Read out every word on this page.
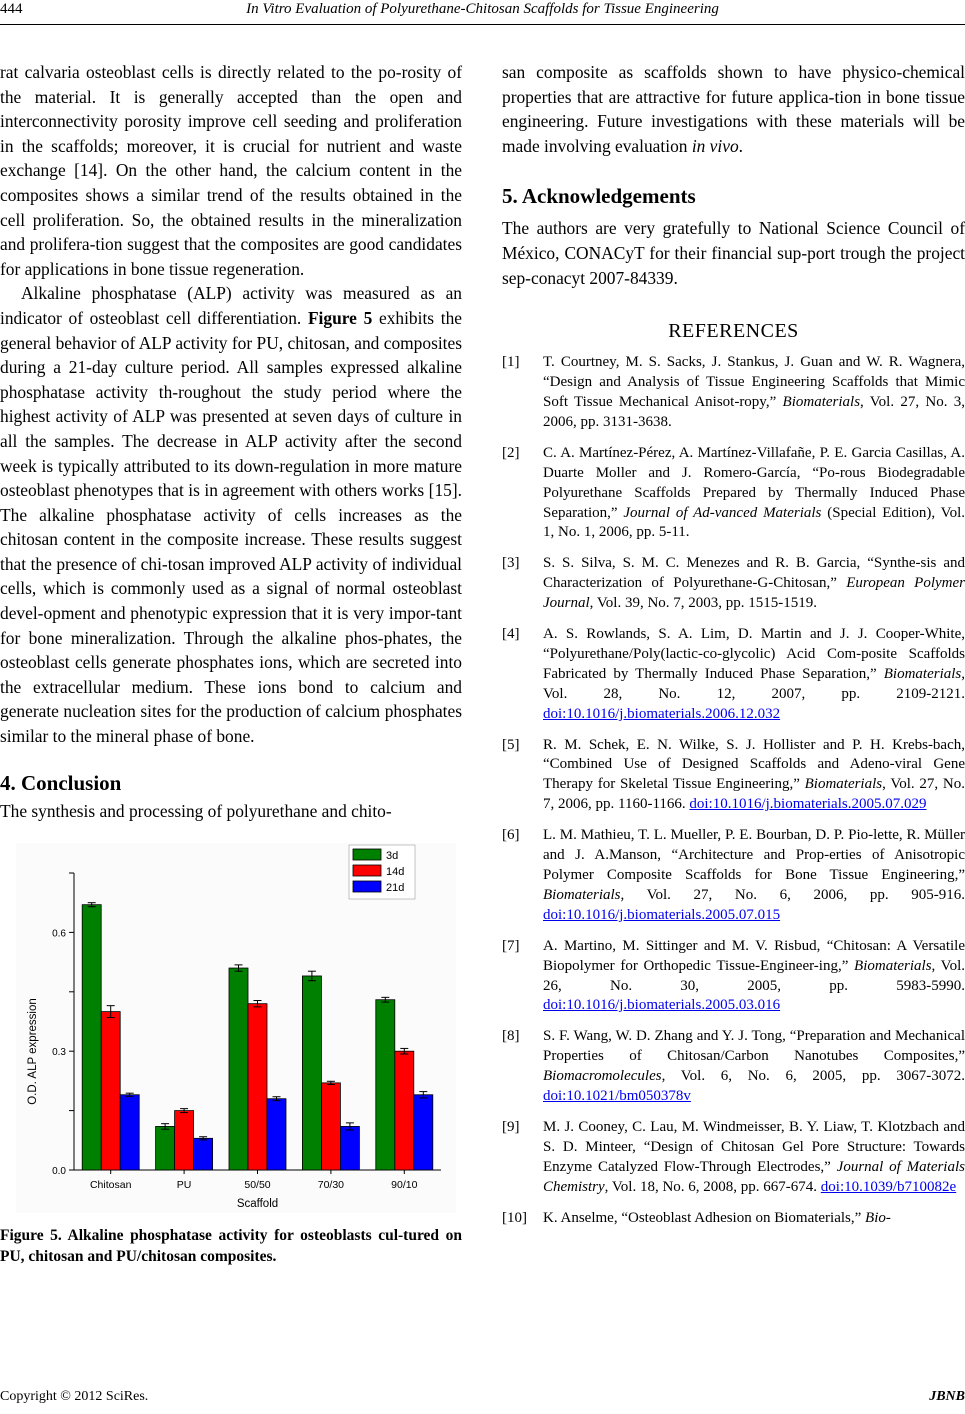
444	In Vitro Evaluation of Polyurethane-Chitosan Scaffolds for Tissue Engineering

rat calvaria osteoblast cells is directly related to the po-rosity of the material. It is generally accepted than the open and interconnectivity porosity improve cell seeding and proliferation in the scaffolds; moreover, it is crucial for nutrient and waste exchange [14]. On the other hand, the calcium content in the composites shows a similar trend of the results obtained in the cell proliferation. So, the obtained results in the mineralization and prolifera-tion suggest that the composites are good candidates for applications in bone tissue regeneration.

Alkaline phosphatase (ALP) activity was measured as an indicator of osteoblast cell differentiation. Figure 5 exhibits the general behavior of ALP activity for PU, chitosan, and composites during a 21-day culture period. All samples expressed alkaline phosphatase activity th-roughout the study period where the highest activity of ALP was presented at seven days of culture in all the samples. The decrease in ALP activity after the second week is typically attributed to its down-regulation in more mature osteoblast phenotypes that is in agreement with others works [15]. The alkaline phosphatase activity of cells increases as the chitosan content in the composite increase. These results suggest that the presence of chi-tosan improved ALP activity of individual cells, which is commonly used as a signal of normal osteoblast devel-opment and phenotypic expression that it is very impor-tant for bone mineralization. Through the alkaline phos-phates, the osteoblast cells generate phosphates ions, which are secreted into the extracellular medium. These ions bond to calcium and generate nucleation sites for the production of calcium phosphates similar to the mineral phase of bone.

4. Conclusion

The synthesis and processing of polyurethane and chito-

0.0
0.3
0.6
Chitosan	PU	50/50	70/30	90/10
Scaffold
O.D. ALP expression
3d
14d
21d
Figure 5. Alkaline phosphatase activity for osteoblasts cul-tured on PU, chitosan and PU/chitosan composites.

san composite as scaffolds shown to have physico-chemical properties that are attractive for future applica-tion in bone tissue engineering. Future investigations with these materials will be made involving evaluation in vivo.

5. Acknowledgements

The authors are very gratefully to National Science Council of México, CONACyT for their financial sup-port trough the project sep-conacyt 2007-84339.

REFERENCES
[1] T. Courtney, M. S. Sacks, J. Stankus, J. Guan and W. R. Wagnera, “Design and Analysis of Tissue Engineering Scaffolds that Mimic Soft Tissue Mechanical Anisot-ropy,” Biomaterials, Vol. 27, No. 3, 2006, pp. 3131-3638.
[2] C. A. Martínez-Pérez, A. Martínez-Villafañe, P. E. Garcia Casillas, A. Duarte Moller and J. Romero-García, “Po-rous Biodegradable Polyurethane Scaffolds Prepared by Thermally Induced Phase Separation,” Journal of Ad-vanced Materials (Special Edition), Vol. 1, No. 1, 2006, pp. 5-11.
[3] S. S. Silva, S. M. C. Menezes and R. B. Garcia, “Synthe-sis and Characterization of Polyurethane-G-Chitosan,” European Polymer Journal, Vol. 39, No. 7, 2003, pp. 1515-1519.
[4] A. S. Rowlands, S. A. Lim, D. Martin and J. J. Cooper-White, “Polyurethane/Poly(lactic-co-glycolic) Acid Com-posite Scaffolds Fabricated by Thermally Induced Phase Separation,” Biomaterials, Vol. 28, No. 12, 2007, pp. 2109-2121. doi:10.1016/j.biomaterials.2006.12.032
[5] R. M. Schek, E. N. Wilke, S. J. Hollister and P. H. Krebs-bach, “Combined Use of Designed Scaffolds and Adeno-viral Gene Therapy for Skeletal Tissue Engineering,” Biomaterials, Vol. 27, No. 7, 2006, pp. 1160-1166. doi:10.1016/j.biomaterials.2005.07.029
[6] L. M. Mathieu, T. L. Mueller, P. E. Bourban, D. P. Pio-lette, R. Müller and J. A.Manson, “Architecture and Prop-erties of Anisotropic Polymer Composite Scaffolds for Bone Tissue Engineering,” Biomaterials, Vol. 27, No. 6, 2006, pp. 905-916. doi:10.1016/j.biomaterials.2005.07.015
[7] A. Martino, M. Sittinger and M. V. Risbud, “Chitosan: A Versatile Biopolymer for Orthopedic Tissue-Engineer-ing,” Biomaterials, Vol. 26, No. 30, 2005, pp. 5983-5990. doi:10.1016/j.biomaterials.2005.03.016
[8] S. F. Wang, W. D. Zhang and Y. J. Tong, “Preparation and Mechanical Properties of Chitosan/Carbon Nanotubes Composites,” Biomacromolecules, Vol. 6, No. 6, 2005, pp. 3067-3072. doi:10.1021/bm050378v
[9] M. J. Cooney, C. Lau, M. Windmeisser, B. Y. Liaw, T. Klotzbach and S. D. Minteer, “Design of Chitosan Gel Pore Structure: Towards Enzyme Catalyzed Flow-Through Electrodes,” Journal of Materials Chemistry, Vol. 18, No. 6, 2008, pp. 667-674. doi:10.1039/b710082e
[10] K. Anselme, “Osteoblast Adhesion on Biomaterials,” Bio-
Copyright © 2012 SciRes.	JBNB
